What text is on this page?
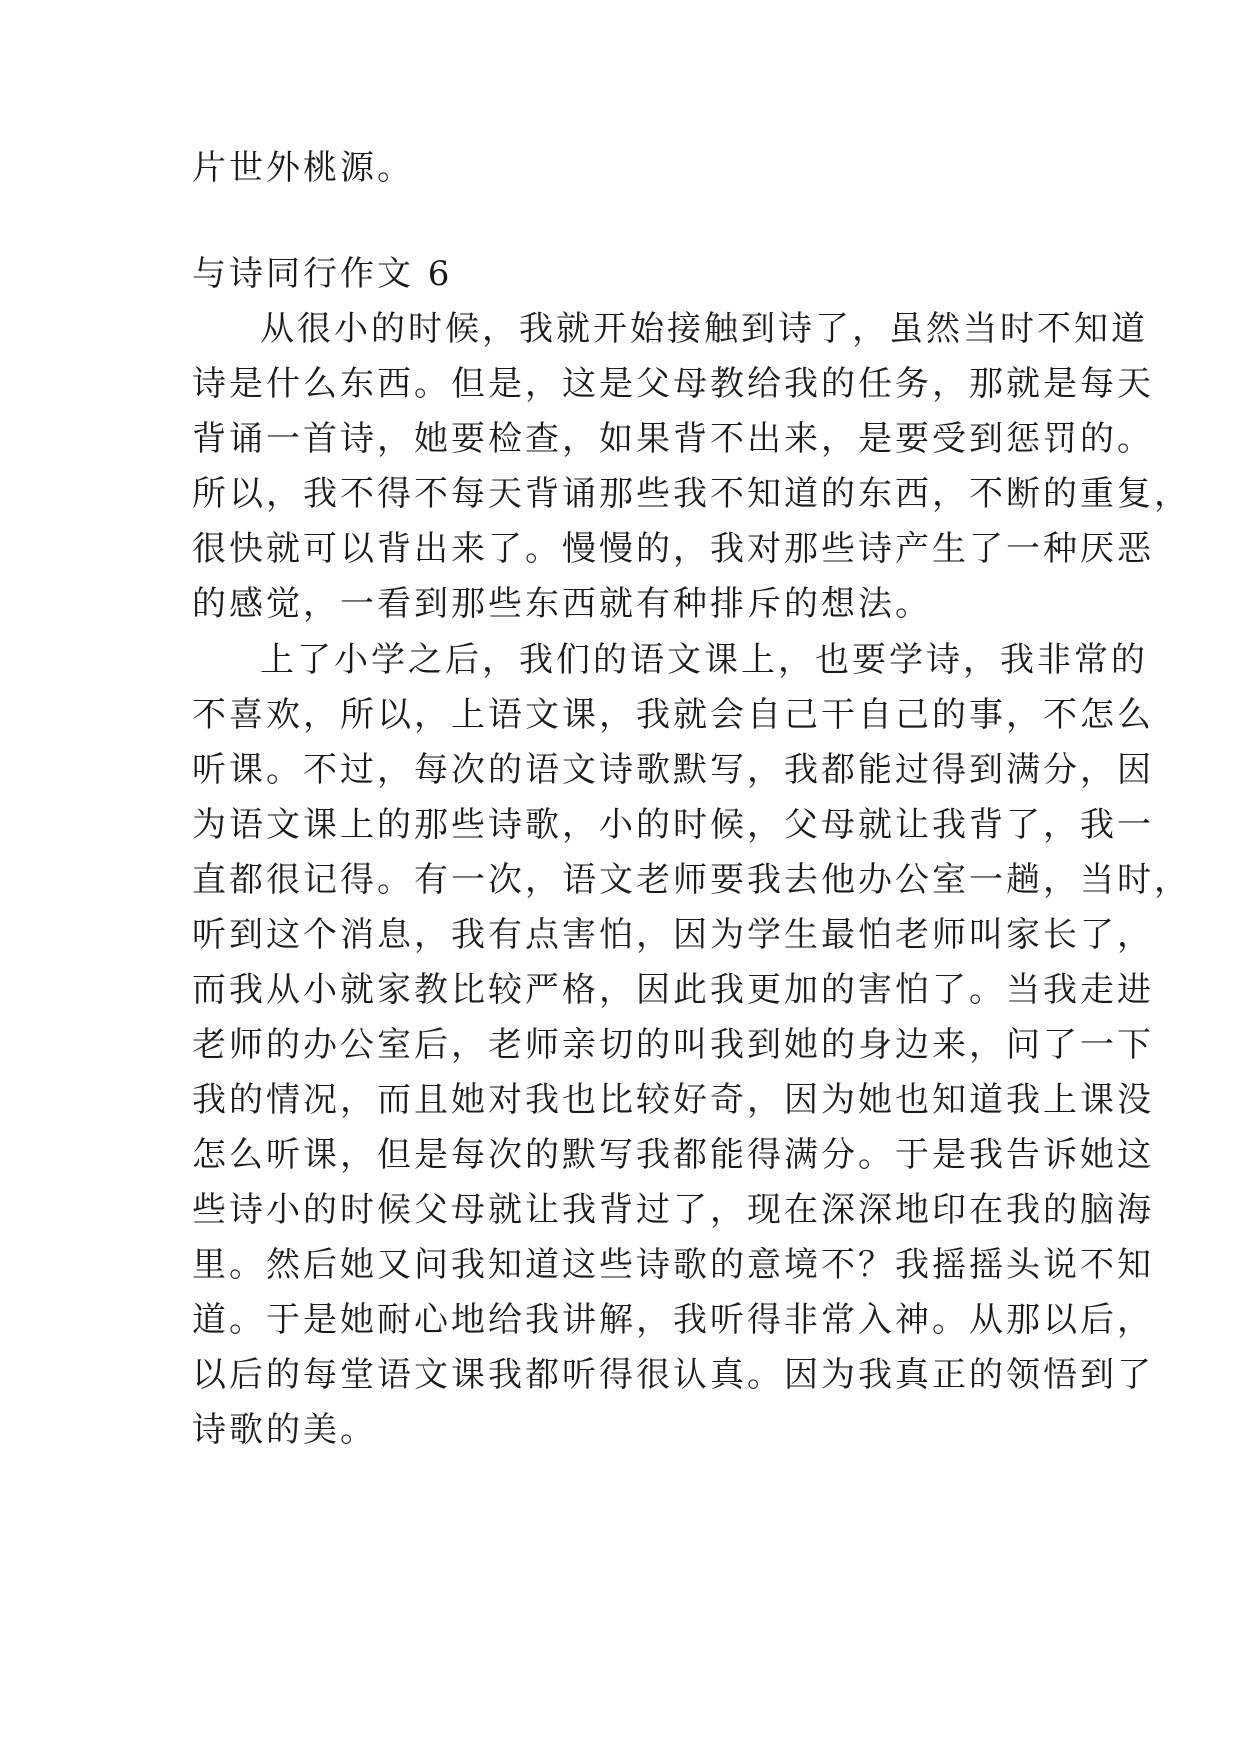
片世外桃源。
与诗同行作文 6
从很小的时候，我就开始接触到诗了，虽然当时不知道
诗是什么东西。但是，这是父母教给我的任务，那就是每天
背诵一首诗，她要检查，如果背不出来，是要受到惩罚的。
所以，我不得不每天背诵那些我不知道的东西，不断的重复，
很快就可以背出来了。慢慢的，我对那些诗产生了一种厌恶
的感觉，一看到那些东西就有种排斥的想法。
上了小学之后，我们的语文课上，也要学诗，我非常的
不喜欢，所以，上语文课，我就会自己干自己的事，不怎么
听课。不过，每次的语文诗歌默写，我都能过得到满分，因
为语文课上的那些诗歌，小的时候，父母就让我背了，我一
直都很记得。有一次，语文老师要我去他办公室一趟，当时，
听到这个消息，我有点害怕，因为学生最怕老师叫家长了，
而我从小就家教比较严格，因此我更加的害怕了。当我走进
老师的办公室后，老师亲切的叫我到她的身边来，问了一下
我的情况，而且她对我也比较好奇，因为她也知道我上课没
怎么听课，但是每次的默写我都能得满分。于是我告诉她这
些诗小的时候父母就让我背过了，现在深深地印在我的脑海
里。然后她又问我知道这些诗歌的意境不？我摇摇头说不知
道。于是她耐心地给我讲解，我听得非常入神。从那以后，
以后的每堂语文课我都听得很认真。因为我真正的领悟到了
诗歌的美。
